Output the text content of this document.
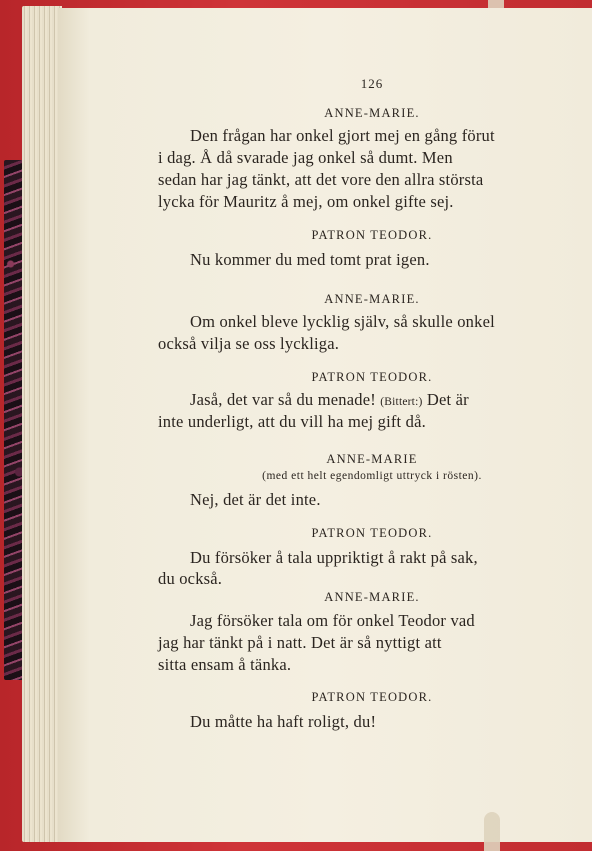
126
ANNE-MARIE.
Den frågan har onkel gjort mej en gång förut
i dag. Å då svarade jag onkel så dumt. Men
sedan har jag tänkt, att det vore den allra största
lycka för Mauritz å mej, om onkel gifte sej.
PATRON TEODOR.
Nu kommer du med tomt prat igen.
ANNE-MARIE.
Om onkel bleve lycklig själv, så skulle onkel
också vilja se oss lyckliga.
PATRON TEODOR.
Jaså, det var så du menade! (Bittert:) Det är
inte underligt, att du vill ha mej gift då.
ANNE-MARIE
(med ett helt egendomligt uttryck i rösten).
Nej, det är det inte.
PATRON TEODOR.
Du försöker å tala uppriktigt å rakt på sak,
du också.
ANNE-MARIE.
Jag försöker tala om för onkel Teodor vad
jag har tänkt på i natt. Det är så nyttigt att
sitta ensam å tänka.
PATRON TEODOR.
Du måtte ha haft roligt, du!
